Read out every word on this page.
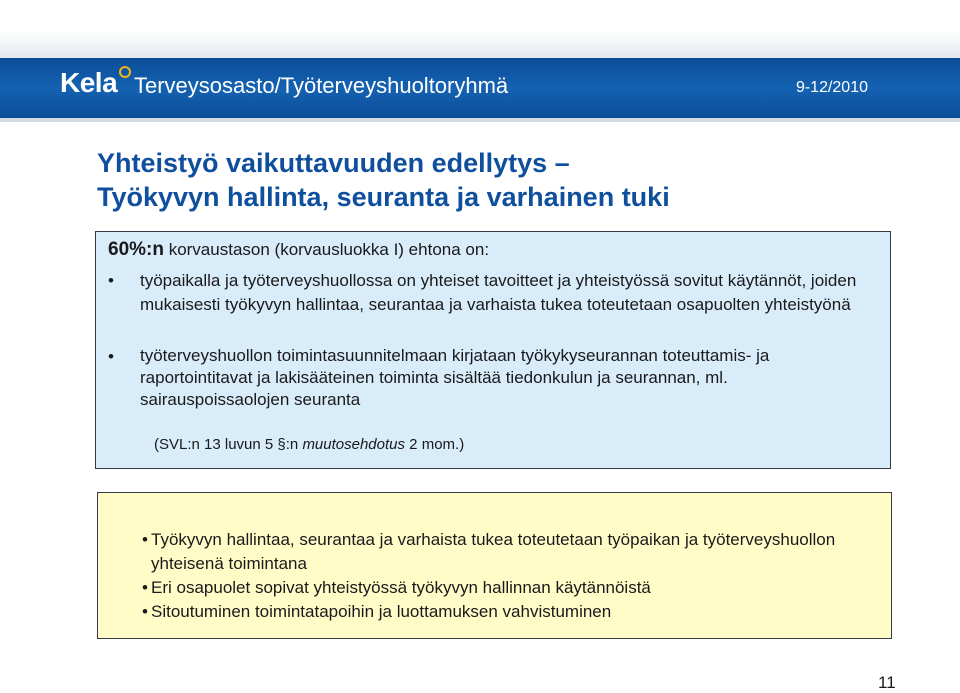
Kela Terveysosasto/Työterveyshuoltoryhmä	9-12/2010
Yhteistyö vaikuttavuuden edellytys –
Työkyvyn hallinta, seuranta ja varhainen tuki
60%:n korvaustason (korvausluokka I) ehtona on:
• työpaikalla ja työterveyshuollossa on yhteiset tavoitteet ja yhteistyössä sovitut käytännöt, joiden mukaisesti työkyvyn hallintaa, seurantaa ja varhaista tukea toteutetaan osapuolten yhteistyönä
• työterveyshuollon toimintasuunnitelmaan kirjataan työkykyseurannan toteuttamis- ja raportointitavat ja lakisääteinen toiminta sisältää tiedonkulun ja seurannan, ml. sairauspoissaolojen seuranta
(SVL:n 13 luvun 5 §:n muutosehdotus 2 mom.)
• Työkyvyn hallintaa, seurantaa ja varhaista tukea toteutetaan työpaikan ja työterveyshuollon yhteisenä toimintana
• Eri osapuolet sopivat yhteistyössä työkyvyn hallinnan käytännöistä
• Sitoutuminen toimintatapoihin ja luottamuksen vahvistuminen
11
